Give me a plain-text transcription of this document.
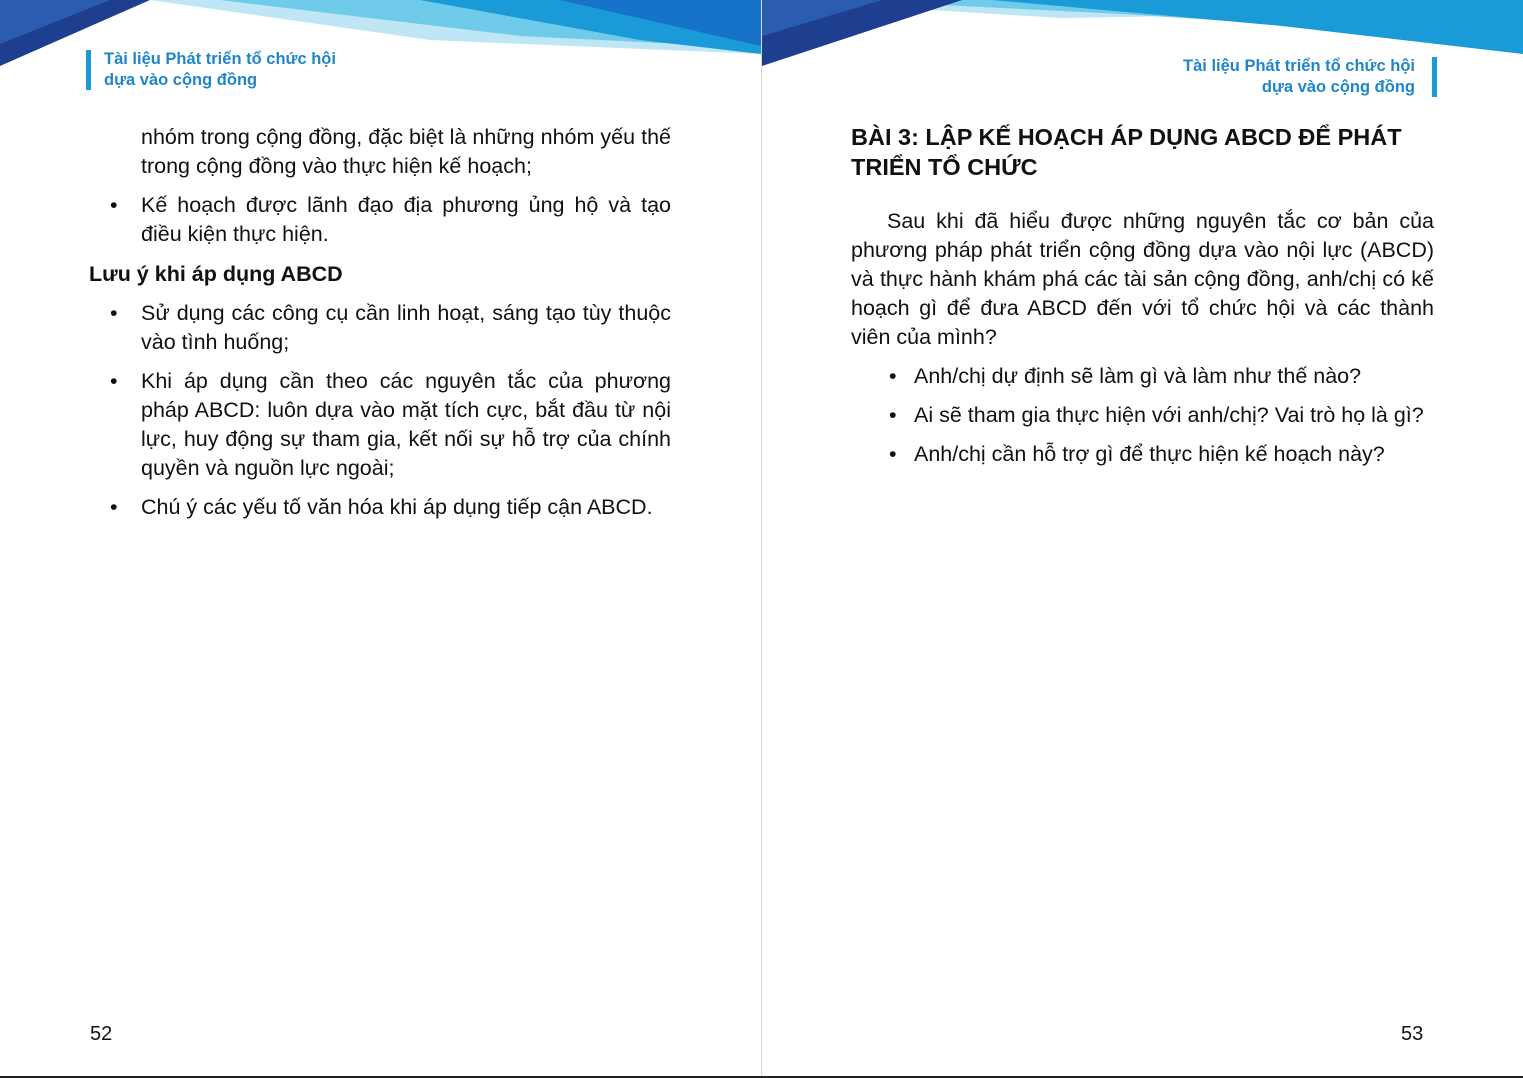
Tài liệu Phát triển tổ chức hội
dựa vào cộng đồng
nhóm trong cộng đồng, đặc biệt là những nhóm yếu thế trong cộng đồng vào thực hiện kế hoạch;
•	Kế hoạch được lãnh đạo địa phương ủng hộ và tạo điều kiện thực hiện.
Lưu ý khi áp dụng ABCD
•	Sử dụng các công cụ cần linh hoạt, sáng tạo tùy thuộc vào tình huống;
•	Khi áp dụng cần theo các nguyên tắc của phương pháp ABCD: luôn dựa vào mặt tích cực, bắt đầu từ nội lực, huy động sự tham gia, kết nối sự hỗ trợ của chính quyền và nguồn lực ngoài;
•	Chú ý các yếu tố văn hóa khi áp dụng tiếp cận ABCD.
52
Tài liệu Phát triển tổ chức hội
dựa vào cộng đồng
BÀI 3: LẬP KẾ HOẠCH ÁP DỤNG ABCD ĐỂ PHÁT TRIỂN TỔ CHỨC
Sau khi đã hiểu được những nguyên tắc cơ bản của phương pháp phát triển cộng đồng dựa vào nội lực (ABCD) và thực hành khám phá các tài sản cộng đồng, anh/chị có kế hoạch gì để đưa ABCD đến với tổ chức hội và các thành viên của mình?
• Anh/chị dự định sẽ làm gì và làm như thế nào?
• Ai sẽ tham gia thực hiện với anh/chị? Vai trò họ là gì?
• Anh/chị cần hỗ trợ gì để thực hiện kế hoạch này?
53
